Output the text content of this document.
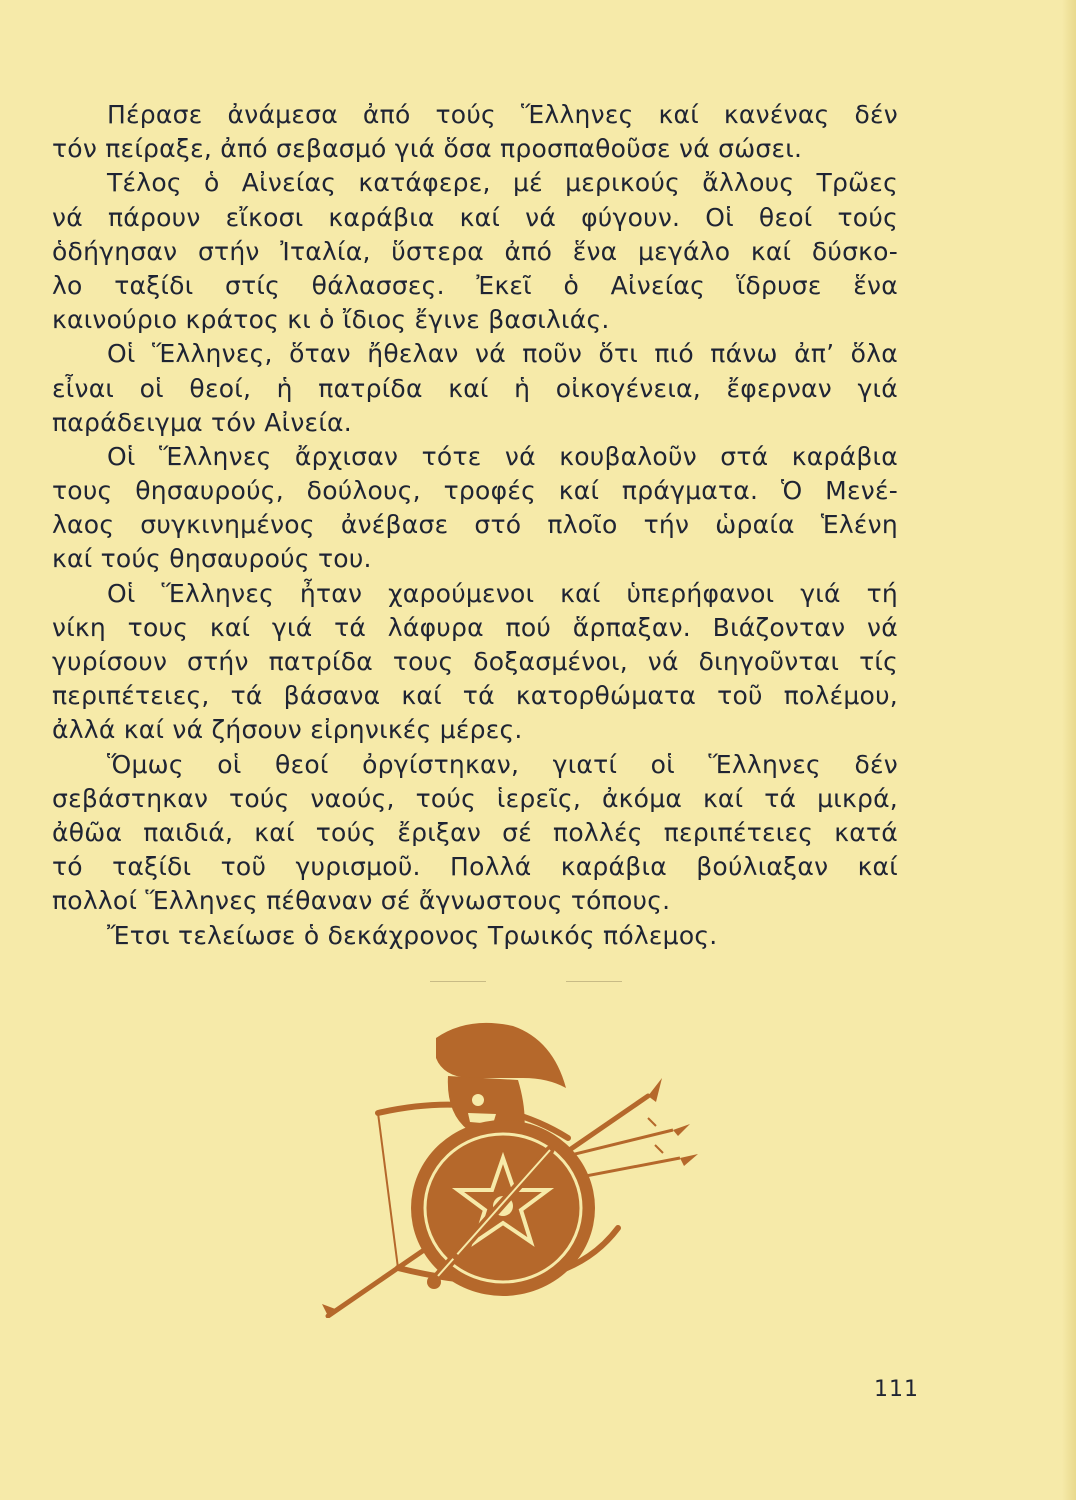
Πέρασε ἀνάμεσα ἀπό τούς Ἕλληνες καί κανένας δέν
τόν πείραξε, ἀπό σεβασμό γιά ὅσα προσπαθοῦσε νά σώσει.
Τέλος ὁ Αἰνείας κατάφερε, μέ μερικούς ἄλλους Τρῶες
νά πάρουν εἴκοσι καράβια καί νά φύγουν. Οἱ θεοί τούς
ὁδήγησαν στήν Ἰταλία, ὕστερα ἀπό ἕνα μεγάλο καί δύσκο-
λο ταξίδι στίς θάλασσες. Ἐκεῖ ὁ Αἰνείας ἵδρυσε ἕνα
καινούριο κράτος κι ὁ ἴδιος ἔγινε βασιλιάς.
Οἱ Ἕλληνες, ὅταν ἤθελαν νά ποῦν ὅτι πιό πάνω ἀπ’ ὅλα
εἶναι οἱ θεοί, ἡ πατρίδα καί ἡ οἰκογένεια, ἔφερναν γιά
παράδειγμα τόν Αἰνεία.
Οἱ Ἕλληνες ἄρχισαν τότε νά κουβαλοῦν στά καράβια
τους θησαυρούς, δούλους, τροφές καί πράγματα. Ὁ Μενέ-
λαος συγκινημένος ἀνέβασε στό πλοῖο τήν ὡραία Ἑλένη
καί τούς θησαυρούς του.
Οἱ Ἕλληνες ἦταν χαρούμενοι καί ὑπερήφανοι γιά τή
νίκη τους καί γιά τά λάφυρα πού ἅρπαξαν. Βιάζονταν νά
γυρίσουν στήν πατρίδα τους δοξασμένοι, νά διηγοῦνται τίς
περιπέτειες, τά βάσανα καί τά κατορθώματα τοῦ πολέμου,
ἀλλά καί νά ζήσουν εἰρηνικές μέρες.
Ὅμως οἱ θεοί ὀργίστηκαν, γιατί οἱ Ἕλληνες δέν
σεβάστηκαν τούς ναούς, τούς ἱερεῖς, ἀκόμα καί τά μικρά,
ἀθῶα παιδιά, καί τούς ἔριξαν σέ πολλές περιπέτειες κατά
τό ταξίδι τοῦ γυρισμοῦ. Πολλά καράβια βούλιαξαν καί
πολλοί Ἕλληνες πέθαναν σέ ἄγνωστους τόπους.
Ἔτσι τελείωσε ὁ δεκάχρονος Τρωικός πόλεμος.
111
